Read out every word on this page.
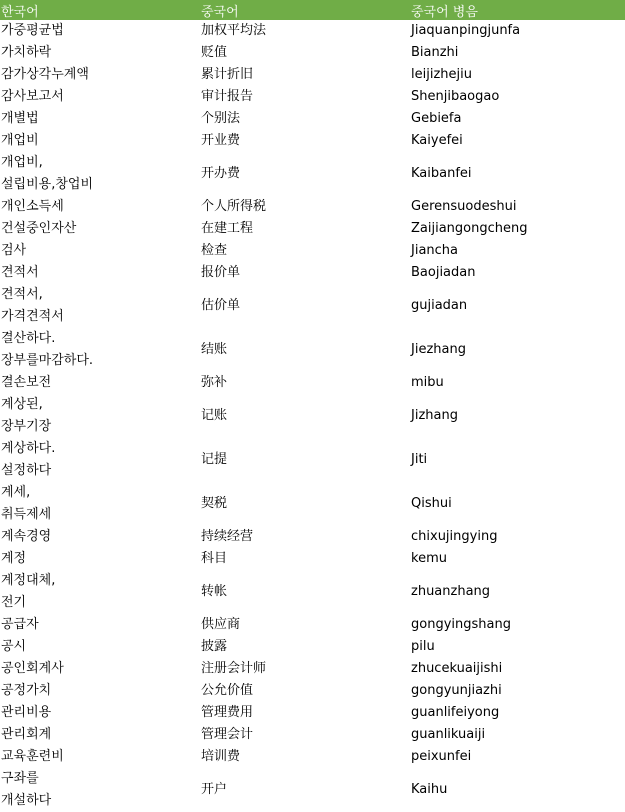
한국어	중국어	중국어 병음
가중평균법	加权平均法	Jiaquanpingjunfa
가치하락	贬值	Bianzhi
감가상각누계액	累计折旧	leijizhejiu
감사보고서	审计报告	Shenjibaogao
개별법	个别法	Gebiefa
개업비	开业费	Kaiyefei
개업비,
설립비용,창업비	开办费	Kaibanfei
개인소득세	个人所得税	Gerensuodeshui
건설중인자산	在建工程	Zaijiangongcheng
검사	检查	Jiancha
견적서	报价单	Baojiadan
견적서,
가격견적서	估价单	gujiadan
결산하다.
장부를마감하다.	结账	Jiezhang
결손보전	弥补	mibu
계상된,
장부기장	记账	Jizhang
계상하다.
설정하다	记提	Jiti
계세,
취득제세	契税	Qishui
계속경영	持续经营	chixujingying
계정	科目	kemu
계정대체,
전기	转帐	zhuanzhang
공급자	供应商	gongyingshang
공시	披露	pilu
공인회계사	注册会计师	zhucekuaijishi
공정가치	公允价值	gongyunjiazhi
관리비용	管理费用	guanlifeiyong
관리회계	管理会计	guanlikuaiji
교육훈련비	培训费	peixunfei
구좌를
개설하다	开户	Kaihu
